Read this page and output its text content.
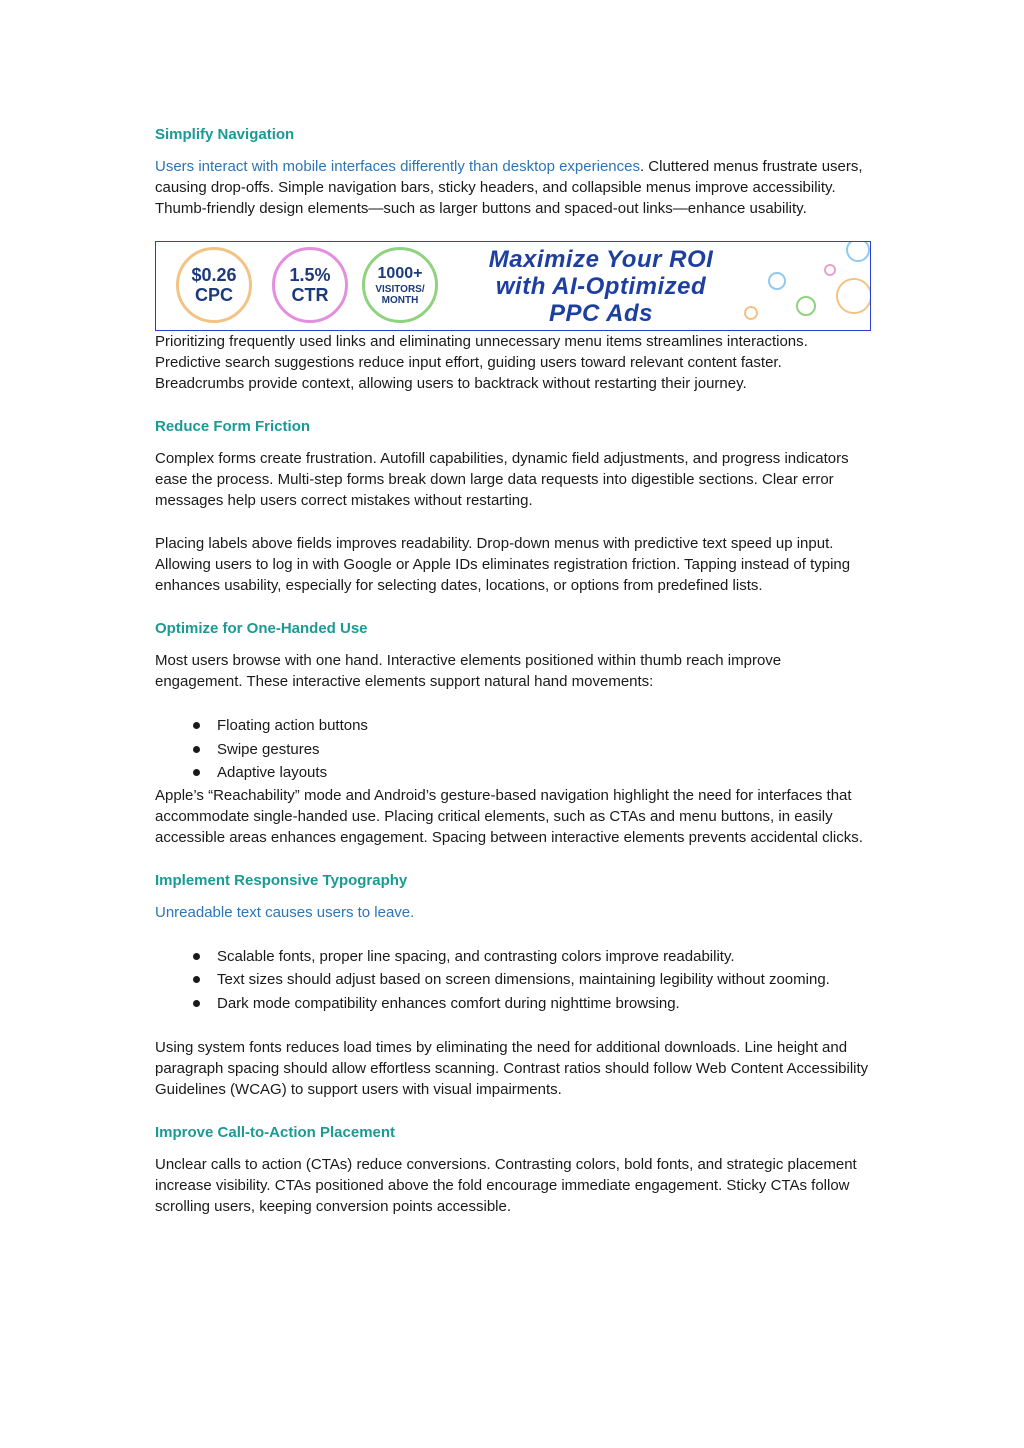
Simplify Navigation

Users interact with mobile interfaces differently than desktop experiences. Cluttered menus frustrate users, causing drop-offs. Simple navigation bars, sticky headers, and collapsible menus improve accessibility. Thumb-friendly design elements—such as larger buttons and spaced-out links—enhance usability.

$0.26
CPC
1.5%
CTR
1000+
VISITORS/
MONTH
Maximize Your ROI
with AI-Optimized
PPC Ads

Prioritizing frequently used links and eliminating unnecessary menu items streamlines interactions. Predictive search suggestions reduce input effort, guiding users toward relevant content faster. Breadcrumbs provide context, allowing users to backtrack without restarting their journey.

Reduce Form Friction

Complex forms create frustration. Autofill capabilities, dynamic field adjustments, and progress indicators ease the process. Multi-step forms break down large data requests into digestible sections. Clear error messages help users correct mistakes without restarting.

Placing labels above fields improves readability. Drop-down menus with predictive text speed up input. Allowing users to log in with Google or Apple IDs eliminates registration friction. Tapping instead of typing enhances usability, especially for selecting dates, locations, or options from predefined lists.

Optimize for One-Handed Use

Most users browse with one hand. Interactive elements positioned within thumb reach improve engagement. These interactive elements support natural hand movements:

Floating action buttons
Swipe gestures
Adaptive layouts

Apple’s “Reachability” mode and Android’s gesture-based navigation highlight the need for interfaces that accommodate single-handed use. Placing critical elements, such as CTAs and menu buttons, in easily accessible areas enhances engagement. Spacing between interactive elements prevents accidental clicks.

Implement Responsive Typography

Unreadable text causes users to leave.

Scalable fonts, proper line spacing, and contrasting colors improve readability.
Text sizes should adjust based on screen dimensions, maintaining legibility without zooming.
Dark mode compatibility enhances comfort during nighttime browsing.

Using system fonts reduces load times by eliminating the need for additional downloads. Line height and paragraph spacing should allow effortless scanning. Contrast ratios should follow Web Content Accessibility Guidelines (WCAG) to support users with visual impairments.

Improve Call-to-Action Placement

Unclear calls to action (CTAs) reduce conversions. Contrasting colors, bold fonts, and strategic placement increase visibility. CTAs positioned above the fold encourage immediate engagement. Sticky CTAs follow scrolling users, keeping conversion points accessible.
